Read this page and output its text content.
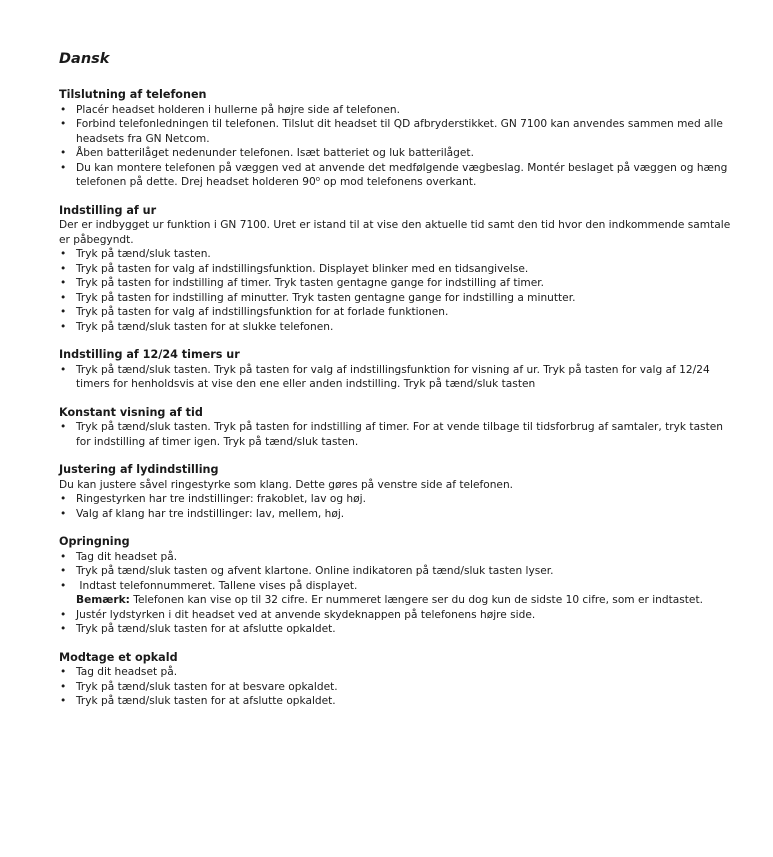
Dansk
Tilslutning af telefonen
• Placér headset holderen i hullerne på højre side af telefonen.
• Forbind telefonledningen til telefonen. Tilslut dit headset til QD afbryderstikket. GN 7100 kan anvendes sammen med alle headsets fra GN Netcom.
• Åben batterilåget nedenunder telefonen. Isæt batteriet og luk batterilåget.
• Du kan montere telefonen på væggen ved at anvende det medfølgende vægbeslag. Montér beslaget på væggen og hæng telefonen på dette. Drej headset holderen 90$^o$ op mod telefonens overkant.
Indstilling af ur

Der er indbygget ur funktion i GN 7100. Uret er istand til at vise den aktuelle tid samt den tid hvor den indkommende samtale er påbegyndt.

• Tryk på tænd/sluk tasten.
• Tryk på tasten for valg af indstillingsfunktion. Displayet blinker med en tidsangivelse.
• Tryk på tasten for indstilling af timer. Tryk tasten gentagne gange for indstilling af timer.
• Tryk på tasten for indstilling af minutter. Tryk tasten gentagne gange for indstilling a minutter.
• Tryk på tasten for valg af indstillingsfunktion for at forlade funktionen.
• Tryk på tænd/sluk tasten for at slukke telefonen.
Indstilling af 12/24 timers ur
• Tryk på tænd/sluk tasten. Tryk på tasten for valg af indstillingsfunktion for visning af ur. Tryk på tasten for valg af 12/24 timers for henholdsvis at vise den ene eller anden indstilling. Tryk på tænd/sluk tasten
Konstant visning af tid
• Tryk på tænd/sluk tasten. Tryk på tasten for indstilling af timer. For at vende tilbage til tidsforbrug af samtaler, tryk tasten for indstilling af timer igen. Tryk på tænd/sluk tasten.
Justering af lydindstilling

Du kan justere såvel ringestyrke som klang. Dette gøres på venstre side af telefonen.

• Ringestyrken har tre indstillinger: frakoblet, lav og høj.
• Valg af klang har tre indstillinger: lav, mellem, høj.
Opringning
• Tag dit headset på.
• Tryk på tænd/sluk tasten og afvent klartone. Online indikatoren på tænd/sluk tasten lyser.
•  Indtast telefonnummeret. Tallene vises på displayet.
Bemærk: Telefonen kan vise op til 32 cifre. Er nummeret længere ser du dog kun de sidste 10 cifre, som er indtastet.
• Justér lydstyrken i dit headset ved at anvende skydeknappen på telefonens højre side.
• Tryk på tænd/sluk tasten for at afslutte opkaldet.
Modtage et opkald
• Tag dit headset på.
• Tryk på tænd/sluk tasten for at besvare opkaldet.
• Tryk på tænd/sluk tasten for at afslutte opkaldet.
